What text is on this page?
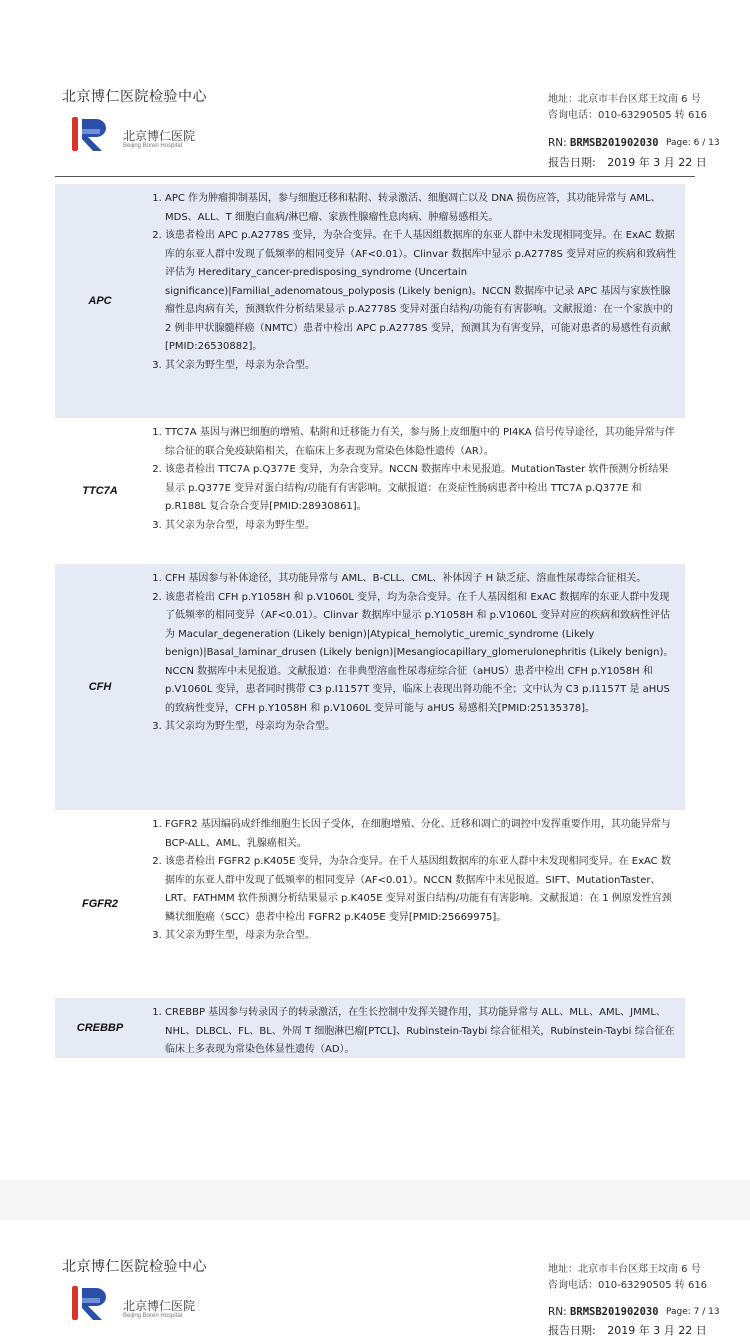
北京博仁医院检验中心
北京博仁医院
Beijing Boren Hospital
地址：北京市丰台区郑王坟南 6 号
咨询电话：010-63290505 转 616
RN: BRMSB201902030 Page: 6 / 13
报告日期: 2019 年 3 月 22 日
APC
1. APC 作为肿瘤抑制基因，参与细胞迁移和粘附、转录激活、细胞凋亡以及 DNA 损伤应答，其功能异常与 AML、MDS、ALL、T 细胞白血病/淋巴瘤、家族性腺瘤性息肉病、肿瘤易感相关。
2. 该患者检出 APC p.A2778S 变异，为杂合变异。在千人基因组数据库的东亚人群中未发现相同变异。在 ExAC 数据库的东亚人群中发现了低频率的相同变异（AF<0.01）。Clinvar 数据库中显示 p.A2778S 变异对应的疾病和致病性评估为 Hereditary_cancer-predisposing_syndrome (Uncertain significance)|Familial_adenomatous_polyposis (Likely benign)。NCCN 数据库中记录 APC 基因与家族性腺瘤性息肉病有关，预测软件分析结果显示 p.A2778S 变异对蛋白结构/功能有有害影响。文献报道：在一个家族中的 2 例非甲状腺髓样癌（NMTC）患者中检出 APC p.A2778S 变异，预测其为有害变异，可能对患者的易感性有贡献[PMID:26530882]。
3. 其父亲为野生型，母亲为杂合型。
TTC7A
1. TTC7A 基因与淋巴细胞的增殖、粘附和迁移能力有关，参与肠上皮细胞中的 PI4KA 信号传导途径，其功能异常与伴综合征的联合免疫缺陷相关，在临床上多表现为常染色体隐性遗传（AR）。
2. 该患者检出 TTC7A p.Q377E 变异，为杂合变异。NCCN 数据库中未见报道。MutationTaster 软件预测分析结果显示 p.Q377E 变异对蛋白结构/功能有有害影响。文献报道：在炎症性肠病患者中检出 TTC7A p.Q377E 和 p.R188L 复合杂合变异[PMID:28930861]。
3. 其父亲为杂合型，母亲为野生型。
CFH
1. CFH 基因参与补体途径，其功能异常与 AML、B-CLL、CML、补体因子 H 缺乏症、溶血性尿毒综合征相关。
2. 该患者检出 CFH p.Y1058H 和 p.V1060L 变异，均为杂合变异。在千人基因组和 ExAC 数据库的东亚人群中发现了低频率的相同变异（AF<0.01）。Clinvar 数据库中显示 p.Y1058H 和 p.V1060L 变异对应的疾病和致病性评估为 Macular_degeneration (Likely benign)|Atypical_hemolytic_uremic_syndrome (Likely benign)|Basal_laminar_drusen (Likely benign)|Mesangiocapillary_glomerulonephritis (Likely benign)。NCCN 数据库中未见报道。文献报道：在非典型溶血性尿毒症综合征（aHUS）患者中检出 CFH p.Y1058H 和 p.V1060L 变异，患者同时携带 C3 p.I1157T 变异，临床上表现出肾功能不全；文中认为 C3 p.I1157T 是 aHUS 的致病性变异，CFH p.Y1058H 和 p.V1060L 变异可能与 aHUS 易感相关[PMID:25135378]。
3. 其父亲均为野生型，母亲均为杂合型。
FGFR2
1. FGFR2 基因编码成纤维细胞生长因子受体，在细胞增殖、分化、迁移和凋亡的调控中发挥重要作用，其功能异常与 BCP-ALL、AML、乳腺癌相关。
2. 该患者检出 FGFR2 p.K405E 变异，为杂合变异。在千人基因组数据库的东亚人群中未发现相同变异。在 ExAC 数据库的东亚人群中发现了低频率的相同变异（AF<0.01）。NCCN 数据库中未见报道。SIFT、MutationTaster、LRT、FATHMM 软件预测分析结果显示 p.K405E 变异对蛋白结构/功能有有害影响。文献报道：在 1 例原发性宫颈鳞状细胞癌（SCC）患者中检出 FGFR2 p.K405E 变异[PMID:25669975]。
3. 其父亲为野生型，母亲为杂合型。
CREBBP
1. CREBBP 基因参与转录因子的转录激活，在生长控制中发挥关键作用，其功能异常与 ALL、MLL、AML、JMML、NHL、DLBCL、FL、BL、外周 T 细胞淋巴瘤[PTCL]、Rubinstein-Taybi 综合征相关，Rubinstein-Taybi 综合征在临床上多表现为常染色体显性遗传（AD）。
北京博仁医院检验中心
北京博仁医院
Beijing Boren Hospital
地址：北京市丰台区郑王坟南 6 号
咨询电话：010-63290505 转 616
RN: BRMSB201902030 Page: 7 / 13
报告日期: 2019 年 3 月 22 日
